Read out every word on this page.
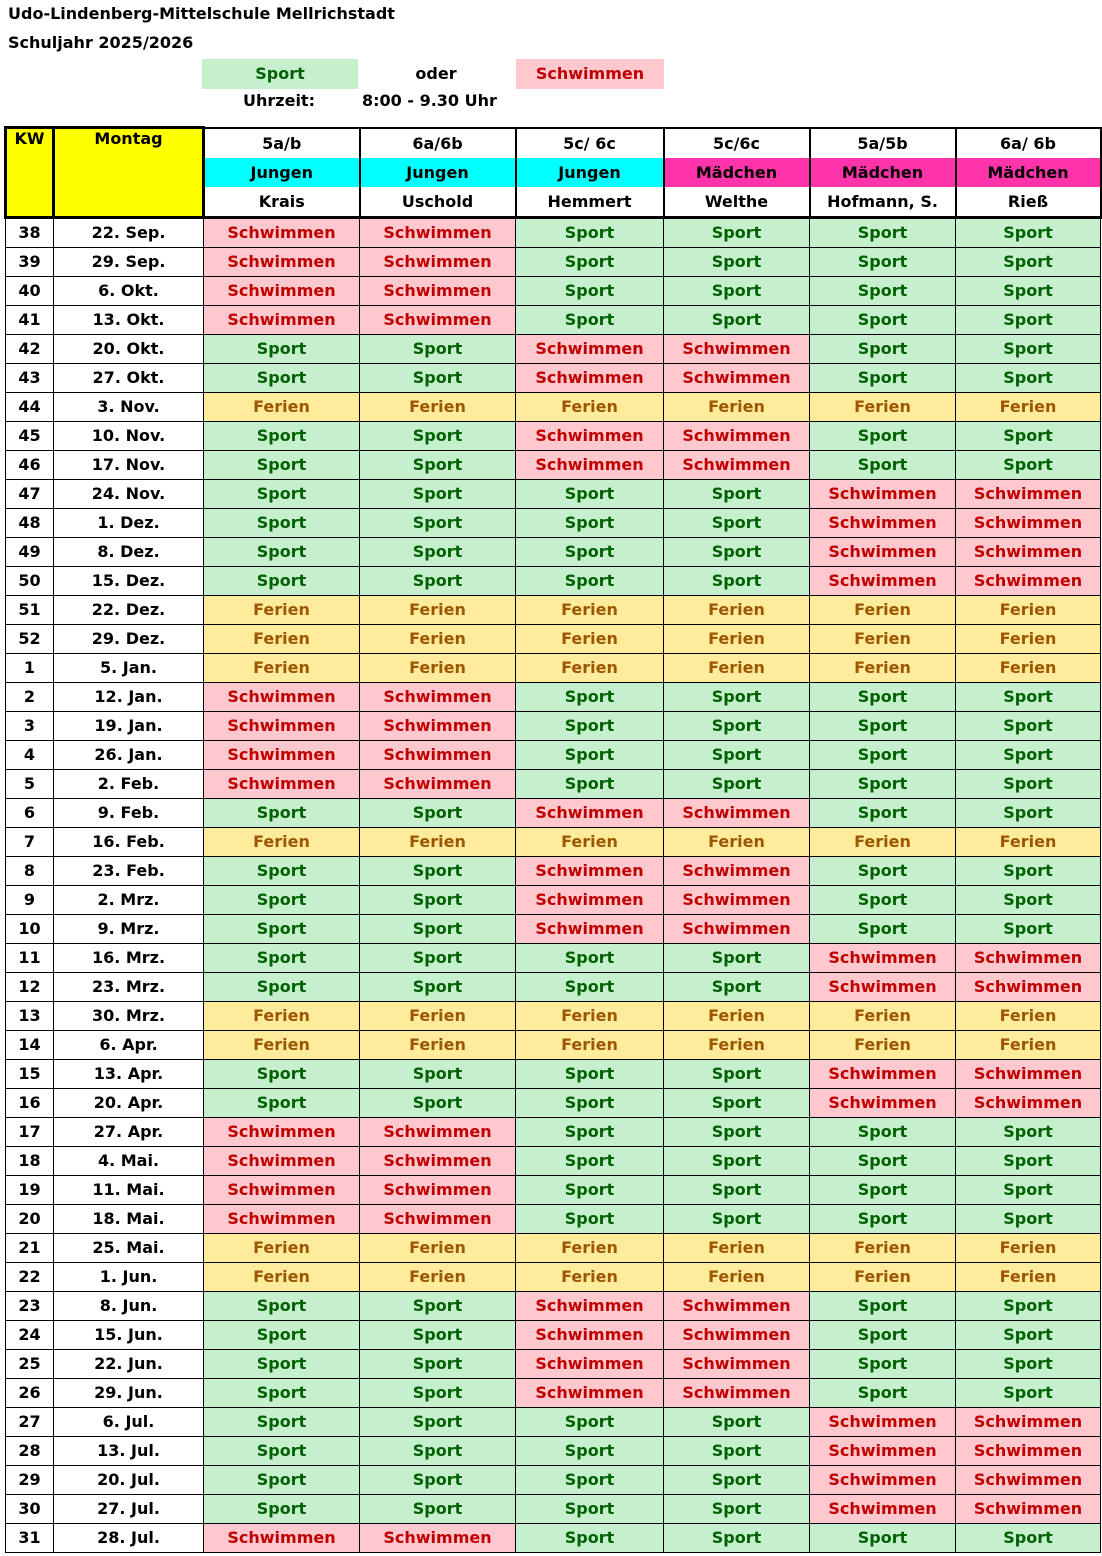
Udo-Lindenberg-Mittelschule Mellrichstadt
Schuljahr 2025/2026
Sport	oder	Schwimmen
Uhrzeit:	8:00 - 9.30 Uhr
KW	Montag	5a/b	6a/6b	5c/ 6c	5c/6c	5a/5b	6a/ 6b
		Jungen	Jungen	Jungen	Mädchen	Mädchen	Mädchen
		Krais	Uschold	Hemmert	Welthe	Hofmann, S.	Rieß
38	22. Sep.	Schwimmen	Schwimmen	Sport	Sport	Sport	Sport
39	29. Sep.	Schwimmen	Schwimmen	Sport	Sport	Sport	Sport
40	6. Okt.	Schwimmen	Schwimmen	Sport	Sport	Sport	Sport
41	13. Okt.	Schwimmen	Schwimmen	Sport	Sport	Sport	Sport
42	20. Okt.	Sport	Sport	Schwimmen	Schwimmen	Sport	Sport
43	27. Okt.	Sport	Sport	Schwimmen	Schwimmen	Sport	Sport
44	3. Nov.	Ferien	Ferien	Ferien	Ferien	Ferien	Ferien
45	10. Nov.	Sport	Sport	Schwimmen	Schwimmen	Sport	Sport
46	17. Nov.	Sport	Sport	Schwimmen	Schwimmen	Sport	Sport
47	24. Nov.	Sport	Sport	Sport	Sport	Schwimmen	Schwimmen
48	1. Dez.	Sport	Sport	Sport	Sport	Schwimmen	Schwimmen
49	8. Dez.	Sport	Sport	Sport	Sport	Schwimmen	Schwimmen
50	15. Dez.	Sport	Sport	Sport	Sport	Schwimmen	Schwimmen
51	22. Dez.	Ferien	Ferien	Ferien	Ferien	Ferien	Ferien
52	29. Dez.	Ferien	Ferien	Ferien	Ferien	Ferien	Ferien
1	5. Jan.	Ferien	Ferien	Ferien	Ferien	Ferien	Ferien
2	12. Jan.	Schwimmen	Schwimmen	Sport	Sport	Sport	Sport
3	19. Jan.	Schwimmen	Schwimmen	Sport	Sport	Sport	Sport
4	26. Jan.	Schwimmen	Schwimmen	Sport	Sport	Sport	Sport
5	2. Feb.	Schwimmen	Schwimmen	Sport	Sport	Sport	Sport
6	9. Feb.	Sport	Sport	Schwimmen	Schwimmen	Sport	Sport
7	16. Feb.	Ferien	Ferien	Ferien	Ferien	Ferien	Ferien
8	23. Feb.	Sport	Sport	Schwimmen	Schwimmen	Sport	Sport
9	2. Mrz.	Sport	Sport	Schwimmen	Schwimmen	Sport	Sport
10	9. Mrz.	Sport	Sport	Schwimmen	Schwimmen	Sport	Sport
11	16. Mrz.	Sport	Sport	Sport	Sport	Schwimmen	Schwimmen
12	23. Mrz.	Sport	Sport	Sport	Sport	Schwimmen	Schwimmen
13	30. Mrz.	Ferien	Ferien	Ferien	Ferien	Ferien	Ferien
14	6. Apr.	Ferien	Ferien	Ferien	Ferien	Ferien	Ferien
15	13. Apr.	Sport	Sport	Sport	Sport	Schwimmen	Schwimmen
16	20. Apr.	Sport	Sport	Sport	Sport	Schwimmen	Schwimmen
17	27. Apr.	Schwimmen	Schwimmen	Sport	Sport	Sport	Sport
18	4. Mai.	Schwimmen	Schwimmen	Sport	Sport	Sport	Sport
19	11. Mai.	Schwimmen	Schwimmen	Sport	Sport	Sport	Sport
20	18. Mai.	Schwimmen	Schwimmen	Sport	Sport	Sport	Sport
21	25. Mai.	Ferien	Ferien	Ferien	Ferien	Ferien	Ferien
22	1. Jun.	Ferien	Ferien	Ferien	Ferien	Ferien	Ferien
23	8. Jun.	Sport	Sport	Schwimmen	Schwimmen	Sport	Sport
24	15. Jun.	Sport	Sport	Schwimmen	Schwimmen	Sport	Sport
25	22. Jun.	Sport	Sport	Schwimmen	Schwimmen	Sport	Sport
26	29. Jun.	Sport	Sport	Schwimmen	Schwimmen	Sport	Sport
27	6. Jul.	Sport	Sport	Sport	Sport	Schwimmen	Schwimmen
28	13. Jul.	Sport	Sport	Sport	Sport	Schwimmen	Schwimmen
29	20. Jul.	Sport	Sport	Sport	Sport	Schwimmen	Schwimmen
30	27. Jul.	Sport	Sport	Sport	Sport	Schwimmen	Schwimmen
31	28. Jul.	Schwimmen	Schwimmen	Sport	Sport	Sport	Sport
